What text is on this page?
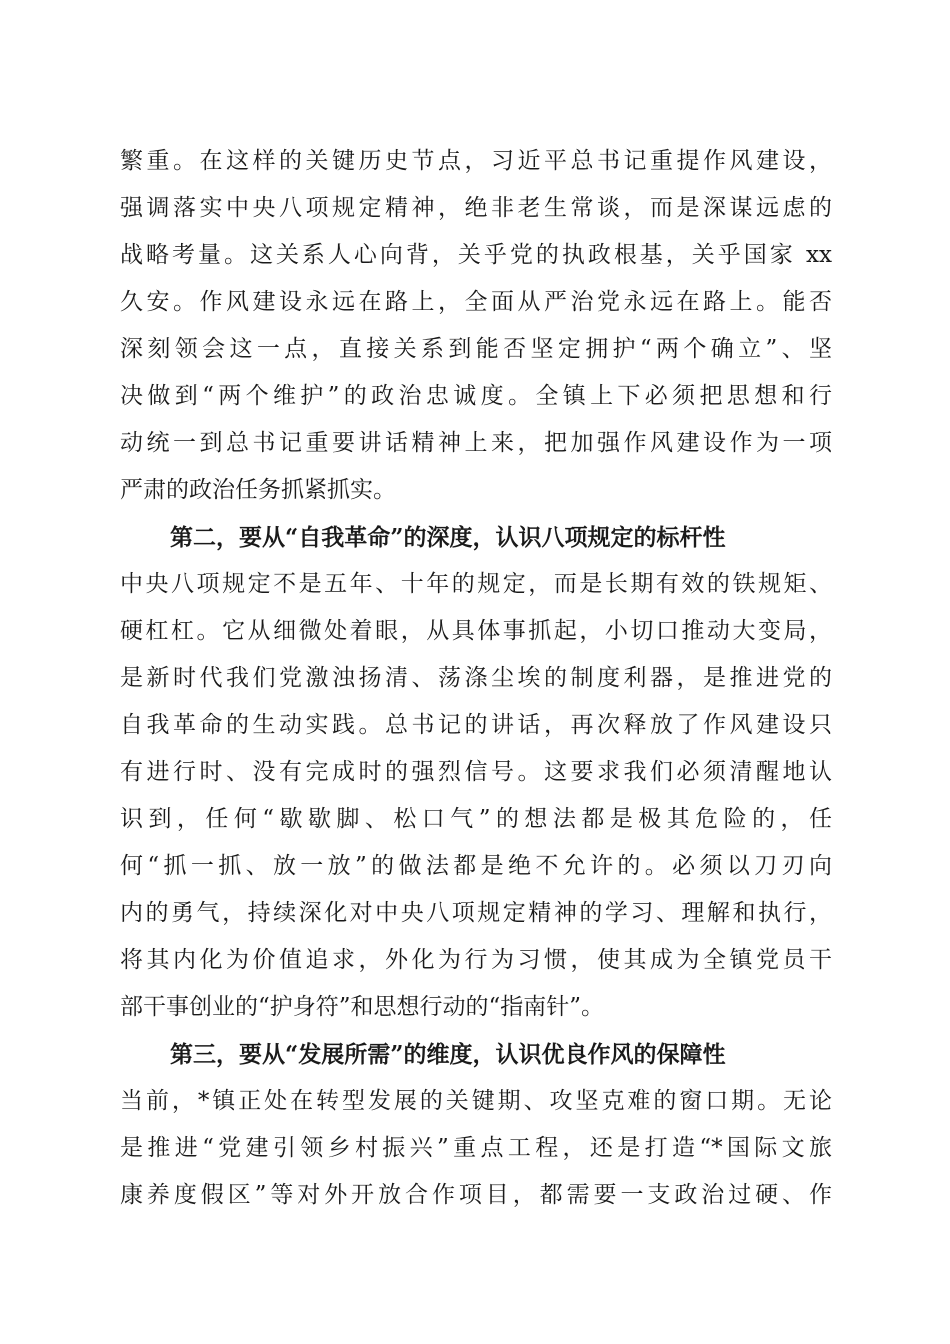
繁重。在这样的关键历史节点，习近平总书记重提作风建设，
强调落实中央八项规定精神，绝非老生常谈，而是深谋远虑的
战略考量。这关系人心向背，关乎党的执政根基，关乎国家 xx
久安。作风建设永远在路上，全面从严治党永远在路上。能否
深刻领会这一点，直接关系到能否坚定拥护“两个确立”、坚
决做到“两个维护”的政治忠诚度。全镇上下必须把思想和行
动统一到总书记重要讲话精神上来，把加强作风建设作为一项
严肃的政治任务抓紧抓实。
第二，要从“自我革命”的深度，认识八项规定的标杆性
中央八项规定不是五年、十年的规定，而是长期有效的铁规矩、
硬杠杠。它从细微处着眼，从具体事抓起，小切口推动大变局，
是新时代我们党激浊扬清、荡涤尘埃的制度利器，是推进党的
自我革命的生动实践。总书记的讲话，再次释放了作风建设只
有进行时、没有完成时的强烈信号。这要求我们必须清醒地认
识到，任何“歇歇脚、松口气”的想法都是极其危险的，任
何“抓一抓、放一放”的做法都是绝不允许的。必须以刀刃向
内的勇气，持续深化对中央八项规定精神的学习、理解和执行，
将其内化为价值追求，外化为行为习惯，使其成为全镇党员干
部干事创业的“护身符”和思想行动的“指南针”。
第三，要从“发展所需”的维度，认识优良作风的保障性
当前，*镇正处在转型发展的关键期、攻坚克难的窗口期。无论
是推进“党建引领乡村振兴”重点工程，还是打造“*国际文旅
康养度假区”等对外开放合作项目，都需要一支政治过硬、作
